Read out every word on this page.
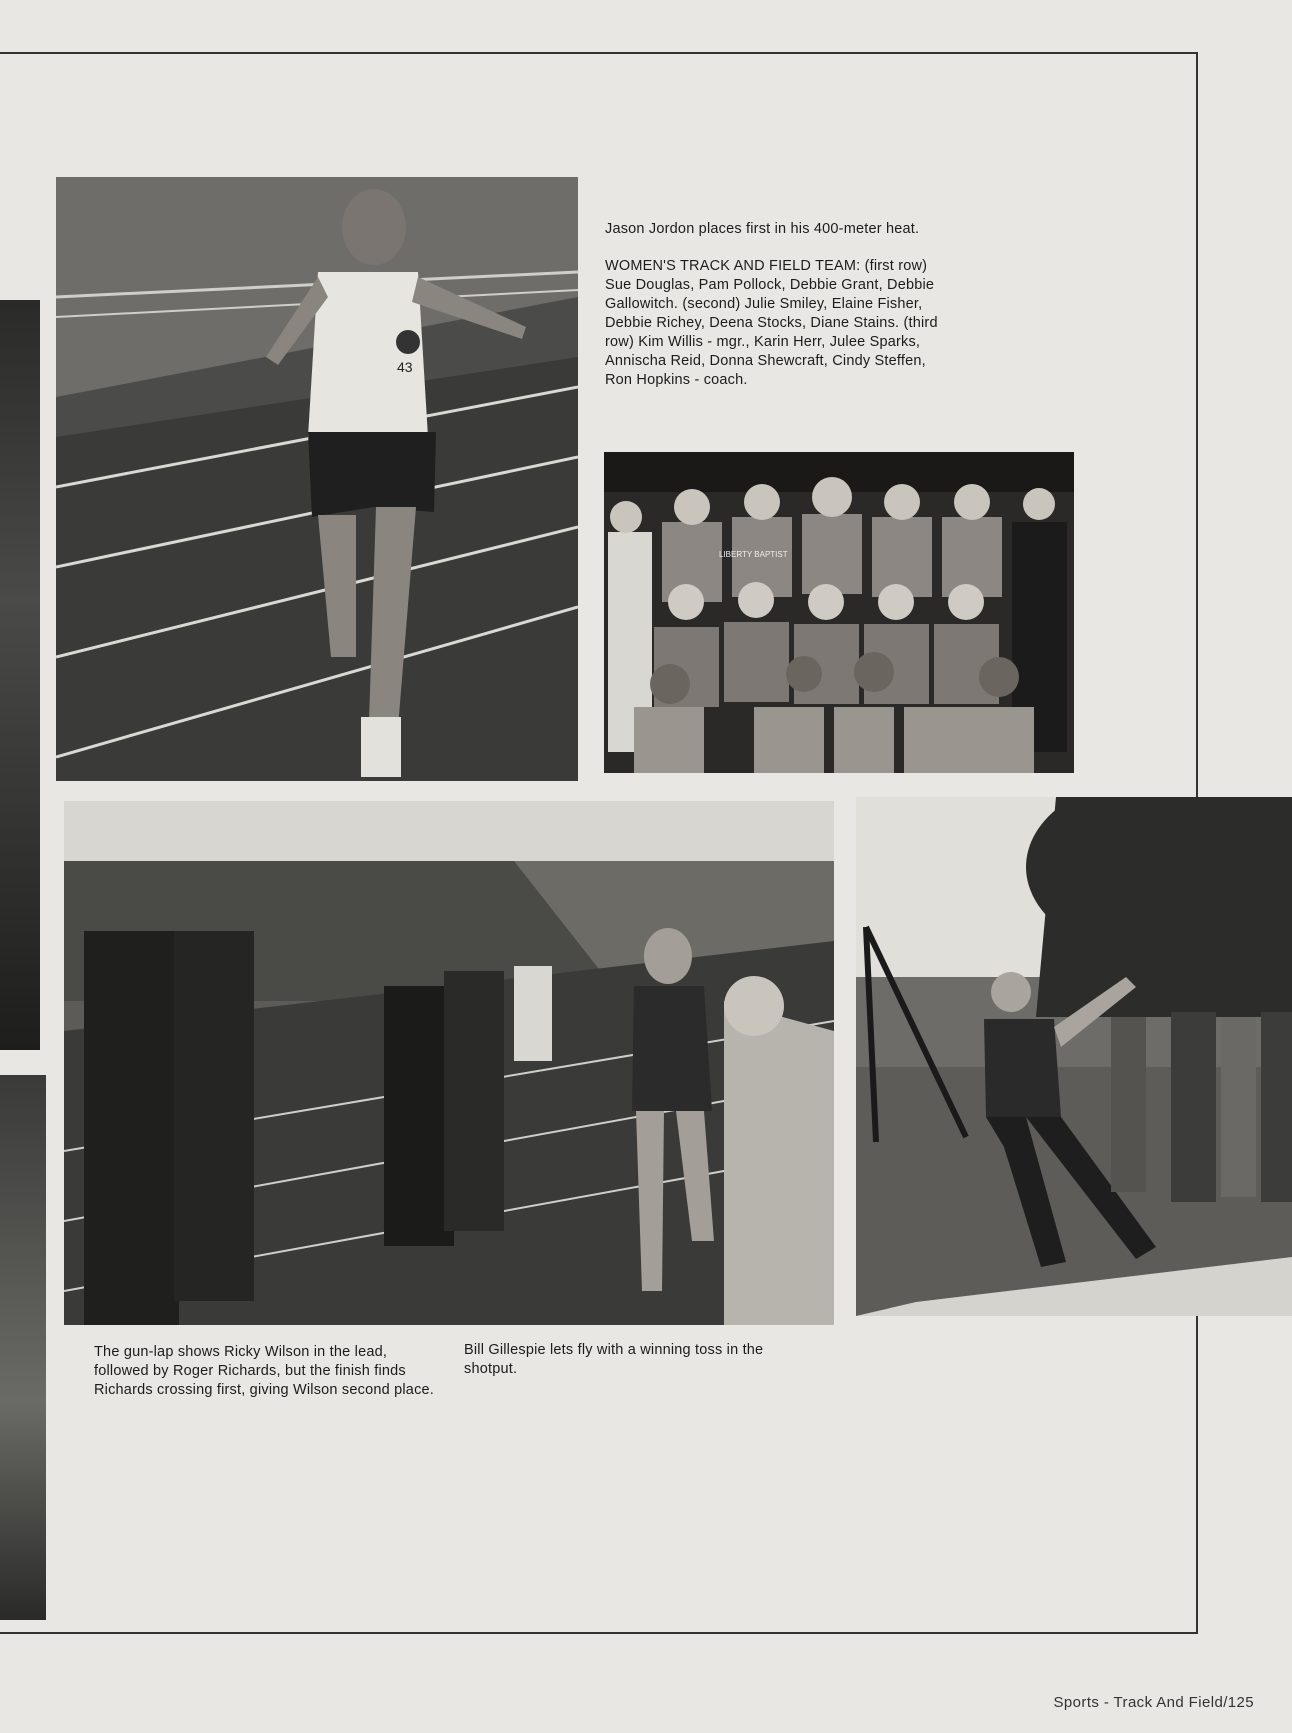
43

Jason Jordon places first in his 400-meter heat.

WOMEN'S TRACK AND FIELD TEAM: (first row) Sue Douglas, Pam Pollock, Debbie Grant, Debbie Gallowitch. (second) Julie Smiley, Elaine Fisher, Debbie Richey, Deena Stocks, Diane Stains. (third row) Kim Willis - mgr., Karin Herr, Julee Sparks, Annischa Reid, Donna Shewcraft, Cindy Steffen, Ron Hopkins - coach.

LIBERTY BAPTIST
The gun-lap shows Ricky Wilson in the lead, followed by Roger Richards, but the finish finds Richards crossing first, giving Wilson second place.
Bill Gillespie lets fly with a winning toss in the shotput.
Sports - Track And Field/125
